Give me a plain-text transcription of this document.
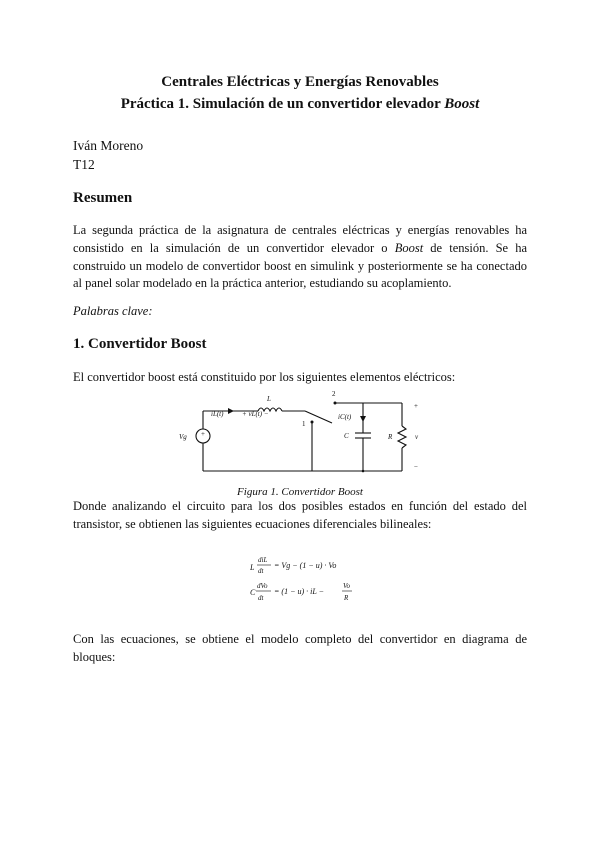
Centrales Eléctricas y Energías Renovables
Práctica 1. Simulación de un convertidor elevador Boost
Iván Moreno
T12
Resumen
La segunda práctica de la asignatura de centrales eléctricas y energías renovables ha consistido en la simulación de un convertidor elevador o Boost de tensión. Se ha construido un modelo de convertidor boost en simulink y posteriormente se ha conectado al panel solar modelado en la práctica anterior, estudiando su acoplamiento.
Palabras clave:
1. Convertidor Boost
El convertidor boost está constituido por los siguientes elementos eléctricos:
+
L
iL(t)	+ vL(t) −
1
2
Vg
iC(t)
C	R
+
v
−
Figura 1. Convertidor Boost
Donde analizando el circuito para los dos posibles estados en función del estado del transistor, se obtienen las siguientes ecuaciones diferenciales bilineales:
L
diL
dt
= Vg − (1 − u) · Vo
C
dVo
dt
= (1 − u) · iL −
Vo
R
Con las ecuaciones, se obtiene el modelo completo del convertidor en diagrama de bloques:
